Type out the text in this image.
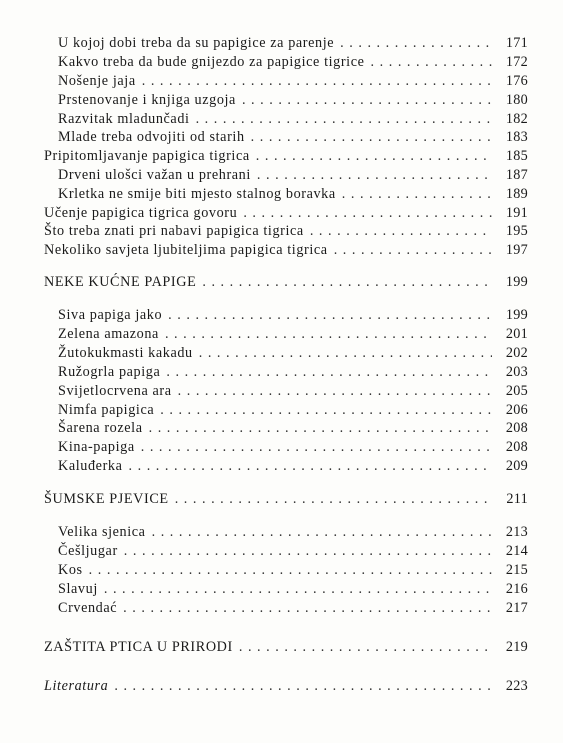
U kojoj dobi treba da su papigice za parenje . . .	171
Kakvo treba da bude gnijezdo za papigice tigrice . . .	172
Nošenje jaja . . .	176
Prstenovanje i knjiga uzgoja . . .	180
Razvitak mladunčadi . . .	182
Mlade treba odvojiti od starih . . .	183
Pripitomljavanje papigica tigrica . . .	185
Drveni ulošci važan u prehrani . . .	187
Krletka ne smije biti mjesto stalnog boravka . . .	189
Učenje papigica tigrica govoru . . .	191
Što treba znati pri nabavi papigica tigrica . . .	195
Nekoliko savjeta ljubiteljima papigica tigrica . . .	197
NEKE KUĆNE PAPIGE . . .	199
Siva papiga jako . . .	199
Zelena amazona . . .	201
Žutokukmasti kakadu . . .	202
Ružogrla papiga . . .	203
Svijetlocrvena ara . . .	205
Nimfa papigica . . .	206
Šarena rozela . . .	208
Kina-papiga . . .	208
Kaluđerka . . .	209
ŠUMSKE PJEVICE . . .	211
Velika sjenica . . .	213
Češljugar . . .	214
Kos . . .	215
Slavuj . . .	216
Crvendać . . .	217
ZAŠTITA PTICA U PRIRODI . . .	219
Literatura . . .	223
